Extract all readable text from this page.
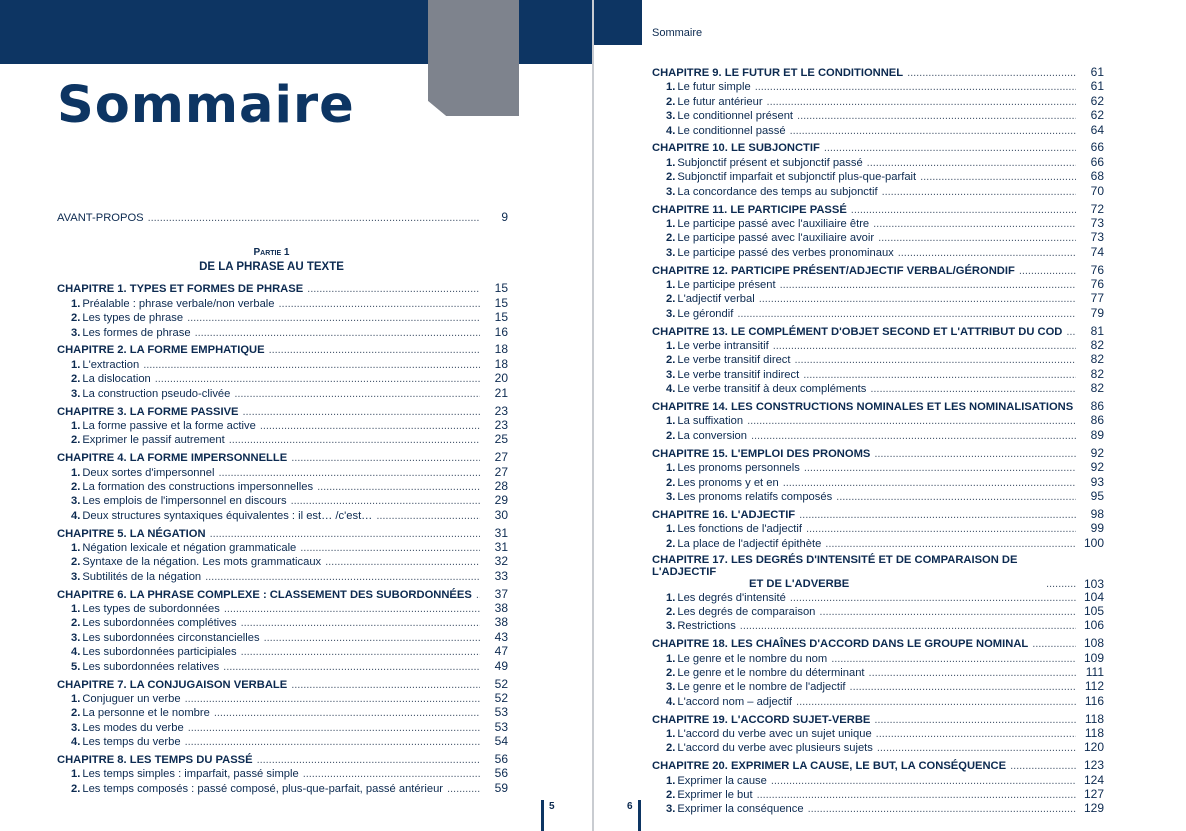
Sommaire
AVANT-PROPOS . . .	9
Partie 1
DE LA PHRASE AU TEXTE
CHAPITRE 1. TYPES ET FORMES DE PHRASE . . .	15
1. Préalable : phrase verbale/non verbale . . .	15
2. Les types de phrase . . .	15
3. Les formes de phrase . . .	16
CHAPITRE 2. LA FORME EMPHATIQUE . . .	18
1. L'extraction . . .	18
2. La dislocation . . .	20
3. La construction pseudo-clivée . . .	21
CHAPITRE 3. LA FORME PASSIVE . . .	23
1. La forme passive et la forme active . . .	23
2. Exprimer le passif autrement . . .	25
CHAPITRE 4. LA FORME IMPERSONNELLE . . .	27
1. Deux sortes d'impersonnel . . .	27
2. La formation des constructions impersonnelles . . .	28
3. Les emplois de l'impersonnel en discours . . .	29
4. Deux structures syntaxiques équivalentes : il est… /c'est… . . .	30
CHAPITRE 5. LA NÉGATION . . .	31
1. Négation lexicale et négation grammaticale . . .	31
2. Syntaxe de la négation. Les mots grammaticaux . . .	32
3. Subtilités de la négation . . .	33
CHAPITRE 6. LA PHRASE COMPLEXE : CLASSEMENT DES SUBORDONNÉES . . .	37
1. Les types de subordonnées . . .	38
2. Les subordonnées complétives . . .	38
3. Les subordonnées circonstancielles . . .	43
4. Les subordonnées participiales . . .	47
5. Les subordonnées relatives . . .	49
CHAPITRE 7. LA CONJUGAISON VERBALE . . .	52
1. Conjuguer un verbe . . .	52
2. La personne et le nombre . . .	53
3. Les modes du verbe . . .	53
4. Les temps du verbe . . .	54
CHAPITRE 8. LES TEMPS DU PASSÉ . . .	56
1. Les temps simples : imparfait, passé simple . . .	56
2. Les temps composés : passé composé, plus-que-parfait, passé antérieur . . .	59
5
Sommaire
CHAPITRE 9. LE FUTUR ET LE CONDITIONNEL . . .	61
1. Le futur simple . . .	61
2. Le futur antérieur . . .	62
3. Le conditionnel présent . . .	62
4. Le conditionnel passé . . .	64
CHAPITRE 10. LE SUBJONCTIF . . .	66
1. Subjonctif présent et subjonctif passé . . .	66
2. Subjonctif imparfait et subjonctif plus-que-parfait . . .	68
3. La concordance des temps au subjonctif . . .	70
CHAPITRE 11. LE PARTICIPE PASSÉ . . .	72
1. Le participe passé avec l'auxiliaire être . . .	73
2. Le participe passé avec l'auxiliaire avoir . . .	73
3. Le participe passé des verbes pronominaux . . .	74
CHAPITRE 12. PARTICIPE PRÉSENT/ADJECTIF VERBAL/GÉRONDIF . . .	76
1. Le participe présent . . .	76
2. L'adjectif verbal . . .	77
3. Le gérondif . . .	79
CHAPITRE 13. LE COMPLÉMENT D'OBJET SECOND ET L'ATTRIBUT DU COD . . .	81
1. Le verbe intransitif . . .	82
2. Le verbe transitif direct . . .	82
3. Le verbe transitif indirect . . .	82
4. Le verbe transitif à deux compléments . . .	82
CHAPITRE 14. LES CONSTRUCTIONS NOMINALES ET LES NOMINALISATIONS	86
1. La suffixation . . .	86
2. La conversion . . .	89
CHAPITRE 15. L'EMPLOI DES PRONOMS . . .	92
1. Les pronoms personnels . . .	92
2. Les pronoms y et en . . .	93
3. Les pronoms relatifs composés . . .	95
CHAPITRE 16. L'ADJECTIF . . .	98
1. Les fonctions de l'adjectif . . .	99
2. La place de l'adjectif épithète . . .	100
CHAPITRE 17. LES DEGRÉS D'INTENSITÉ ET DE COMPARAISON DE L'ADJECTIF
ET DE L'ADVERBE . . .	103
1. Les degrés d'intensité . . .	104
2. Les degrés de comparaison . . .	105
3. Restrictions . . .	106
CHAPITRE 18. LES CHAÎNES D'ACCORD DANS LE GROUPE NOMINAL . . .	108
1. Le genre et le nombre du nom . . .	109
2. Le genre et le nombre du déterminant . . .	111
3. Le genre et le nombre de l'adjectif . . .	112
4. L'accord nom – adjectif . . .	116
CHAPITRE 19. L'ACCORD SUJET-VERBE . . .	118
1. L'accord du verbe avec un sujet unique . . .	118
2. L'accord du verbe avec plusieurs sujets . . .	120
CHAPITRE 20. EXPRIMER LA CAUSE, LE BUT, LA CONSÉQUENCE . . .	123
1. Exprimer la cause . . .	124
2. Exprimer le but . . .	127
3. Exprimer la conséquence . . .	129
6
